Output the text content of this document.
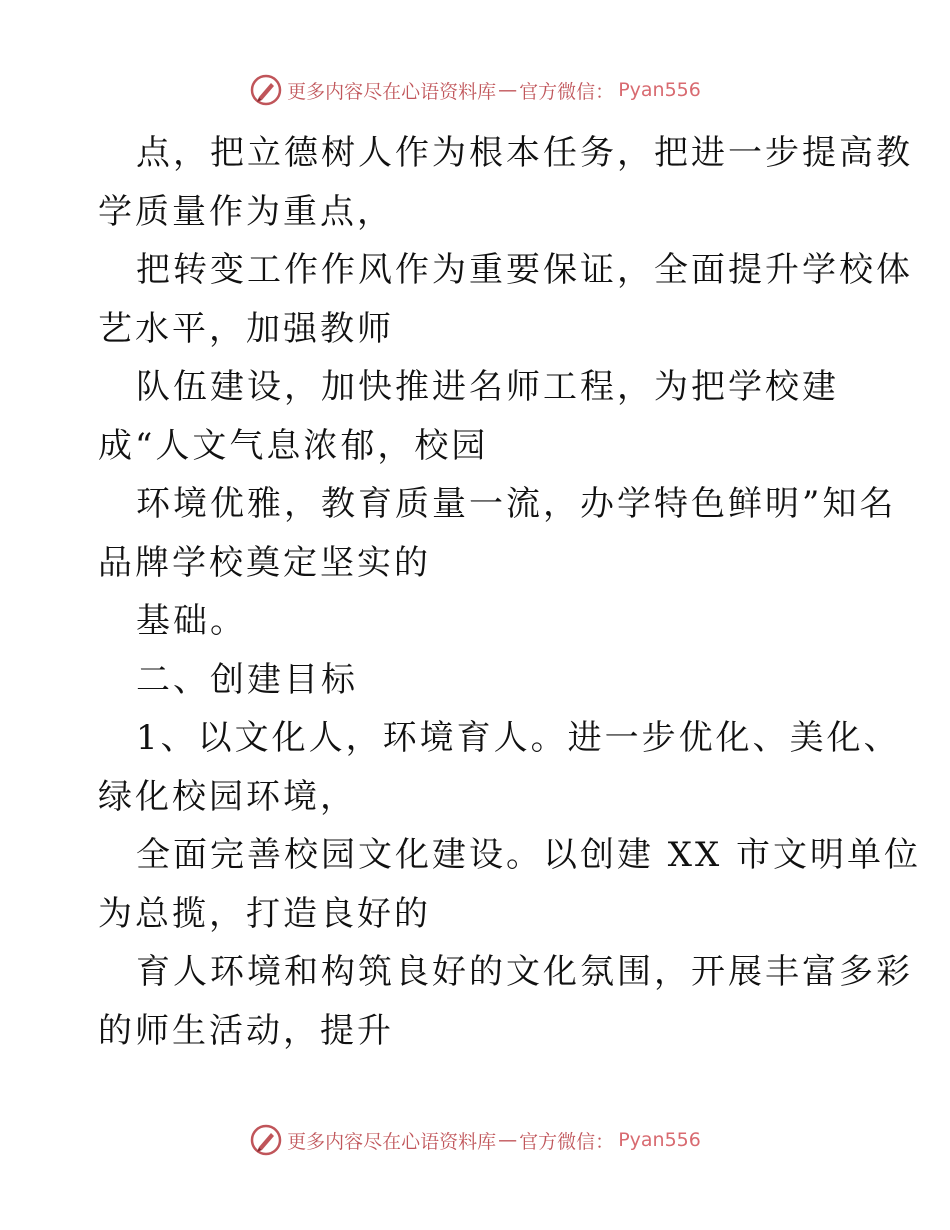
更多内容尽在心语资料库 — 官方微信： Pyan556
点，把立德树人作为根本任务，把进一步提高教
学质量作为重点，
把转变工作作风作为重要保证，全面提升学校体
艺水平，加强教师
队伍建设，加快推进名师工程，为把学校建
成“人文气息浓郁，校园
环境优雅，教育质量一流，办学特色鲜明”知名
品牌学校奠定坚实的
基础。
二、创建目标
1、以文化人，环境育人。进一步优化、美化、
绿化校园环境，
全面完善校园文化建设。以创建 XX 市文明单位
为总揽，打造良好的
育人环境和构筑良好的文化氛围，开展丰富多彩
的师生活动，提升
更多内容尽在心语资料库 — 官方微信： Pyan556
